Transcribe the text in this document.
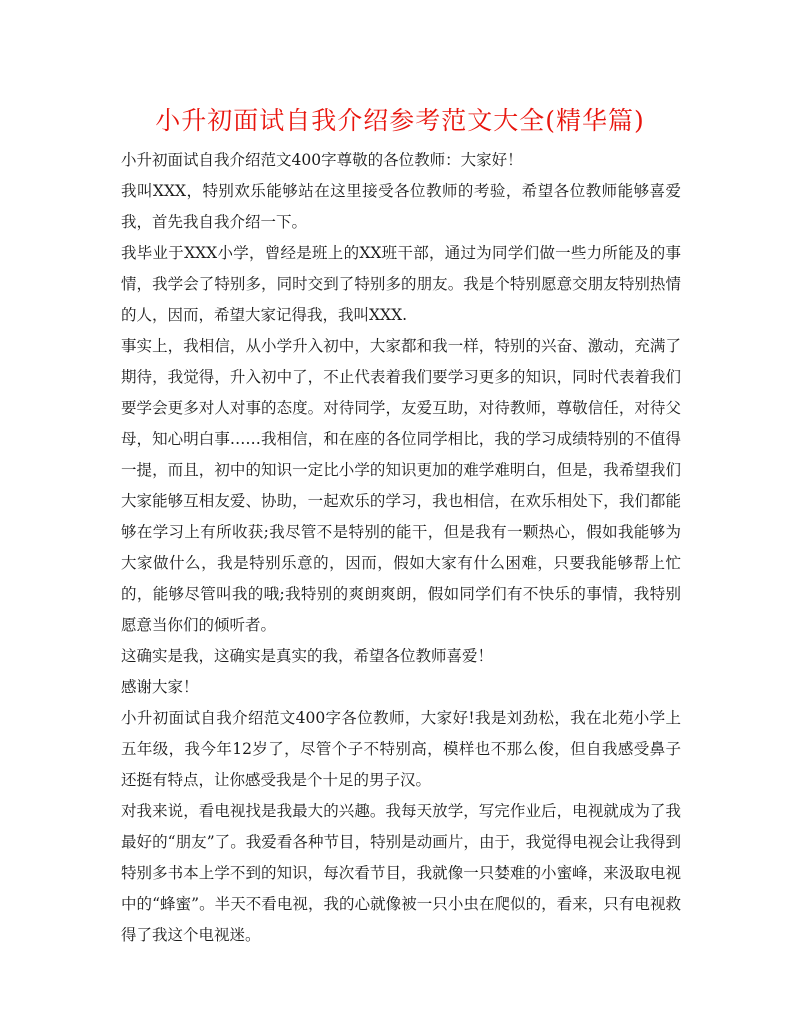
小升初面试自我介绍参考范文大全(精华篇)

小升初面试自我介绍范文400字尊敬的各位教师：大家好！

我叫XXX，特别欢乐能够站在这里接受各位教师的考验，希望各位教师能够喜爱我，首先我自我介绍一下。

我毕业于XXX小学，曾经是班上的XX班干部，通过为同学们做一些力所能及的事情，我学会了特别多，同时交到了特别多的朋友。我是个特别愿意交朋友特别热情的人，因而，希望大家记得我，我叫XXX.

事实上，我相信，从小学升入初中，大家都和我一样，特别的兴奋、激动，充满了期待，我觉得，升入初中了，不止代表着我们要学习更多的知识，同时代表着我们要学会更多对人对事的态度。对待同学，友爱互助，对待教师，尊敬信任，对待父母，知心明白事……我相信，和在座的各位同学相比，我的学习成绩特别的不值得一提，而且，初中的知识一定比小学的知识更加的难学难明白，但是，我希望我们大家能够互相友爱、协助，一起欢乐的学习，我也相信，在欢乐相处下，我们都能够在学习上有所收获;我尽管不是特别的能干，但是我有一颗热心，假如我能够为大家做什么，我是特别乐意的，因而，假如大家有什么困难，只要我能够帮上忙的，能够尽管叫我的哦;我特别的爽朗爽朗，假如同学们有不快乐的事情，我特别愿意当你们的倾听者。

这确实是我，这确实是真实的我，希望各位教师喜爱！

感谢大家！

小升初面试自我介绍范文400字各位教师，大家好!我是刘劲松，我在北苑小学上五年级，我今年12岁了，尽管个子不特别高，模样也不那么俊，但自我感受鼻子还挺有特点，让你感受我是个十足的男子汉。

对我来说，看电视找是我最大的兴趣。我每天放学，写完作业后，电视就成为了我最好的“朋友”了。我爱看各种节目，特别是动画片，由于，我觉得电视会让我得到特别多书本上学不到的知识，每次看节目，我就像一只婪难的小蜜峰，来汲取电视中的“蜂蜜”。半天不看电视，我的心就像被一只小虫在爬似的，看来，只有电视救得了我这个电视迷。
